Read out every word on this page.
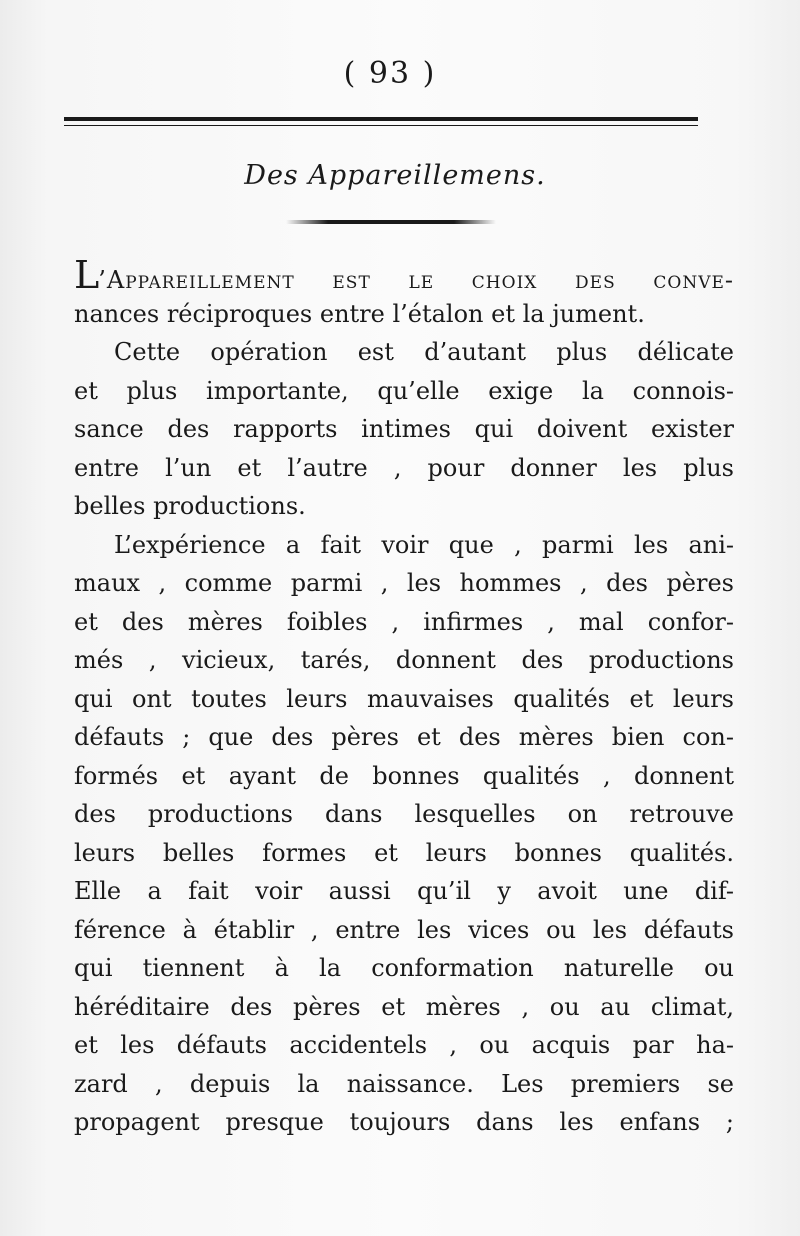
( 93 )
Des Appareillemens.
L’Appareillement est le choix des conve-
nances réciproques entre l’étalon et la jument.
Cette opération est d’autant plus délicate
et plus importante, qu’elle exige la connois-
sance des rapports intimes qui doivent exister
entre l’un et l’autre , pour donner les plus
belles productions.
L’expérience a fait voir que , parmi les ani-
maux , comme parmi , les hommes , des pères
et des mères foibles , infirmes , mal confor-
més , vicieux, tarés, donnent des productions
qui ont toutes leurs mauvaises qualités et leurs
défauts ; que des pères et des mères bien con-
formés et ayant de bonnes qualités , donnent
des productions dans lesquelles on retrouve
leurs belles formes et leurs bonnes qualités.
Elle a fait voir aussi qu’il y avoit une dif-
férence à établir , entre les vices ou les défauts
qui tiennent à la conformation naturelle ou
héréditaire des pères et mères , ou au climat,
et les défauts accidentels , ou acquis par ha-
zard , depuis la naissance. Les premiers se
propagent presque toujours dans les enfans ;
